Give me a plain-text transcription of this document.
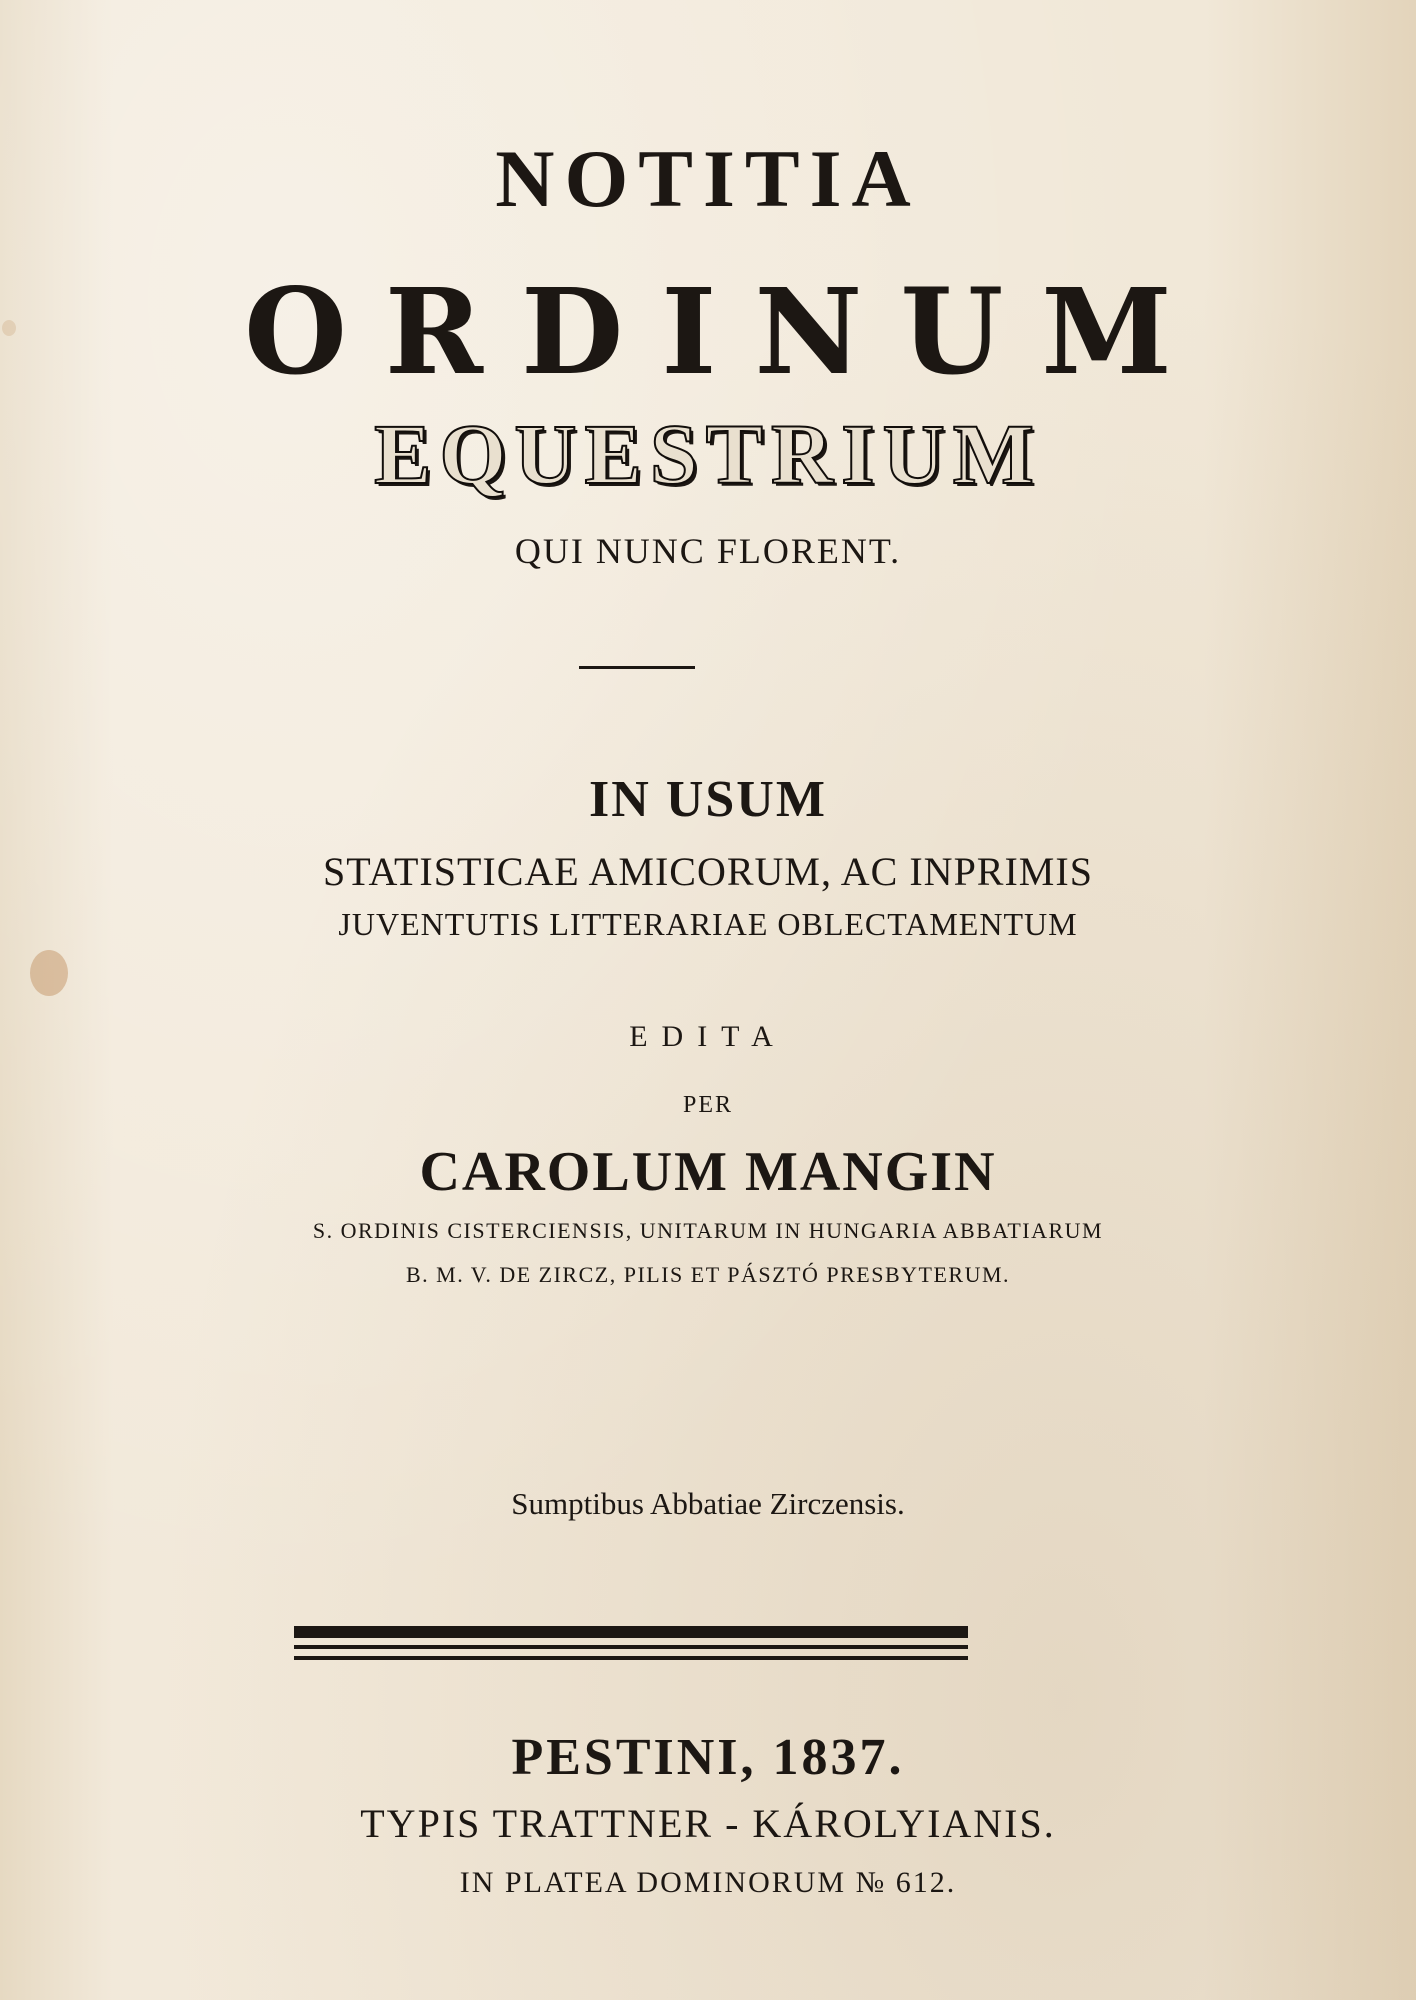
NOTITIA
ORDINUM
EQUESTRIUM
QUI NUNC FLORENT.
IN USUM
STATISTICAE AMICORUM, AC INPRIMIS
JUVENTUTIS LITTERARIAE OBLECTAMENTUM
EDITA
PER
CAROLUM MANGIN
S. ORDINIS CISTERCIENSIS, UNITARUM IN HUNGARIA ABBATIARUM
B. M. V. DE ZIRCZ, PILIS ET PÁSZTÓ PRESBYTERUM.
Sumptibus Abbatiae Zirczensis.
PESTINI, 1837.
TYPIS TRATTNER - KÁROLYIANIS.
IN PLATEA DOMINORUM № 612.
